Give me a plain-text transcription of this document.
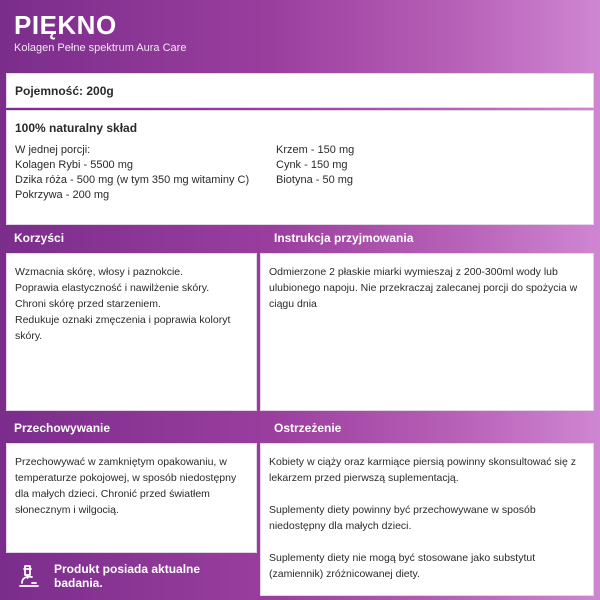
PIĘKNO
Kolagen Pełne spektrum Aura Care
Pojemność: 200g
100% naturalny skład
W jednej porcji:
Kolagen Rybi - 5500 mg
Dzika róża - 500 mg (w tym 350 mg witaminy C)
Pokrzywa - 200 mg
Krzem - 150 mg
Cynk - 150 mg
Biotyna - 50 mg
Korzyści	Instrukcja przyjmowania
Wzmacnia skórę, włosy i paznokcie.
Poprawia elastyczność i nawilżenie skóry.
Chroni skórę przed starzeniem.
Redukuje oznaki zmęczenia i poprawia koloryt skóry.
Odmierzone 2 płaskie miarki wymieszaj z 200-300ml wody lub ulubionego napoju. Nie przekraczaj zalecanej porcji do spożycia w ciągu dnia
Przechowywanie	Ostrzeżenie
Przechowywać w zamkniętym opakowaniu, w temperaturze pokojowej, w sposób niedostępny dla małych dzieci. Chronić przed światłem słonecznym i wilgocią.
Kobiety w ciąży oraz karmiące piersią powinny skonsultować się z lekarzem przed pierwszą suplementacją.
Suplementy diety powinny być przechowywane w sposób niedostępny dla małych dzieci.
Suplementy diety nie mogą być stosowane jako substytut (zamiennik) zróżnicowanej diety.
Produkt posiada aktualne badania.
